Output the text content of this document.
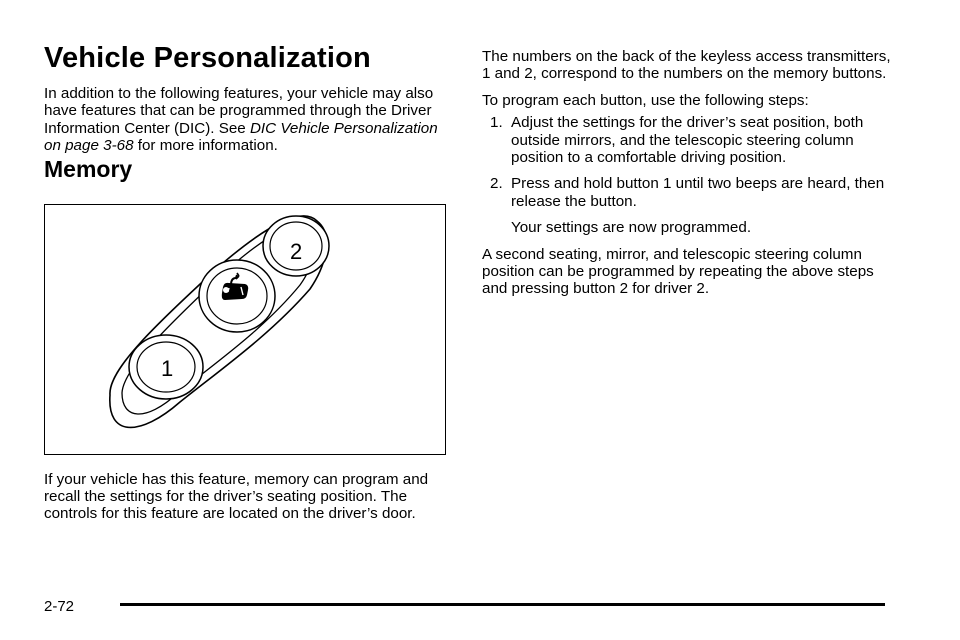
Vehicle Personalization

In addition to the following features, your vehicle may also have features that can be programmed through the Driver Information Center (DIC). See DIC Vehicle Personalization on page 3-68 for more information.

Memory
1
2

If your vehicle has this feature, memory can program and recall the settings for the driver’s seating position. The controls for this feature are located on the driver’s door.

The numbers on the back of the keyless access transmitters, 1 and 2, correspond to the numbers on the memory buttons.

To program each button, use the following steps:

1. Adjust the settings for the driver’s seat position, both outside mirrors, and the telescopic steering column position to a comfortable driving position.
2. Press and hold button 1 until two beeps are heard, then release the button.

Your settings are now programmed.

A second seating, mirror, and telescopic steering column position can be programmed by repeating the above steps and pressing button 2 for driver 2.

2-72
